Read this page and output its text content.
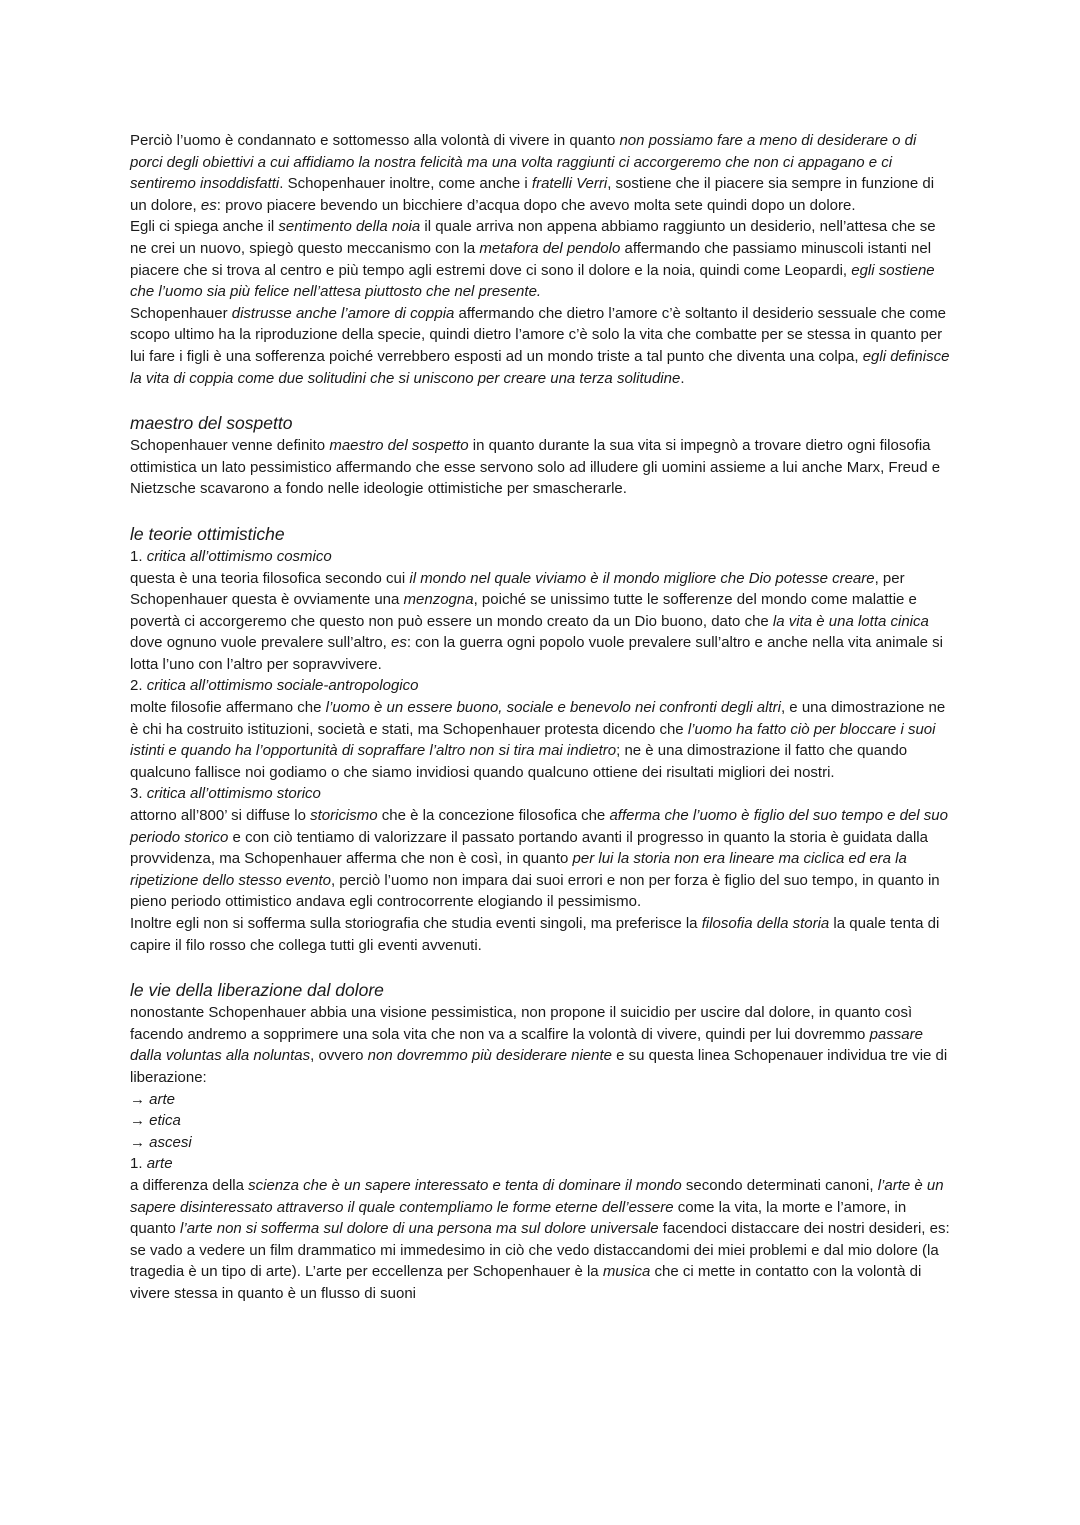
Perciò l’uomo è condannato e sottomesso alla volontà di vivere in quanto non possiamo fare a meno di desiderare o di porci degli obiettivi a cui affidiamo la nostra felicità ma una volta raggiunti ci accorgeremo che non ci appagano e ci sentiremo insoddisfatti. Schopenhauer inoltre, come anche i fratelli Verri, sostiene che il piacere sia sempre in funzione di un dolore, es: provo piacere bevendo un bicchiere d’acqua dopo che avevo molta sete quindi dopo un dolore.

Egli ci spiega anche il sentimento della noia il quale arriva non appena abbiamo raggiunto un desiderio, nell’attesa che se ne crei un nuovo, spiegò questo meccanismo con la metafora del pendolo affermando che passiamo minuscoli istanti nel piacere che si trova al centro e più tempo agli estremi dove ci sono il dolore e la noia, quindi come Leopardi, egli sostiene che l’uomo sia più felice nell’attesa piuttosto che nel presente.

Schopenhauer distrusse anche l’amore di coppia affermando che dietro l’amore c’è soltanto il desiderio sessuale che come scopo ultimo ha la riproduzione della specie, quindi dietro l’amore c’è solo la vita che combatte per se stessa in quanto per lui fare i figli è una sofferenza poiché verrebbero esposti ad un mondo triste a tal punto che diventa una colpa, egli definisce la vita di coppia come due solitudini che si uniscono per creare una terza solitudine.

maestro del sospetto

Schopenhauer venne definito maestro del sospetto in quanto durante la sua vita si impegnò a trovare dietro ogni filosofia ottimistica un lato pessimistico affermando che esse servono solo ad illudere gli uomini assieme a lui anche Marx, Freud e Nietzsche scavarono a fondo nelle ideologie ottimistiche per smascherarle.

le teorie ottimistiche

1. critica all’ottimismo cosmico

questa è una teoria filosofica secondo cui il mondo nel quale viviamo è il mondo migliore che Dio potesse creare, per Schopenhauer questa è ovviamente una menzogna, poiché se unissimo tutte le sofferenze del mondo come malattie e povertà ci accorgeremo che questo non può essere un mondo creato da un Dio buono, dato che la vita è una lotta cinica dove ognuno vuole prevalere sull’altro, es: con la guerra ogni popolo vuole prevalere sull’altro e anche nella vita animale si lotta l’uno con l’altro per sopravvivere.

2. critica all’ottimismo sociale-antropologico

molte filosofie affermano che l’uomo è un essere buono, sociale e benevolo nei confronti degli altri, e una dimostrazione ne è chi ha costruito istituzioni, società e stati, ma Schopenhauer protesta dicendo che l’uomo ha fatto ciò per bloccare i suoi istinti e quando ha l’opportunità di sopraffare l’altro non si tira mai indietro; ne è una dimostrazione il fatto che quando qualcuno fallisce noi godiamo o che siamo invidiosi quando qualcuno ottiene dei risultati migliori dei nostri.

3. critica all’ottimismo storico

attorno all’800’ si diffuse lo storicismo che è la concezione filosofica che afferma che l’uomo è figlio del suo tempo e del suo periodo storico e con ciò tentiamo di valorizzare il passato portando avanti il progresso in quanto la storia è guidata dalla provvidenza, ma Schopenhauer afferma che non è così, in quanto per lui la storia non era lineare ma ciclica ed era la ripetizione dello stesso evento, perciò l’uomo non impara dai suoi errori e non per forza è figlio del suo tempo, in quanto in pieno periodo ottimistico andava egli controcorrente elogiando il pessimismo.

Inoltre egli non si sofferma sulla storiografia che studia eventi singoli, ma preferisce la filosofia della storia la quale tenta di capire il filo rosso che collega tutti gli eventi avvenuti.

le vie della liberazione dal dolore

nonostante Schopenhauer abbia una visione pessimistica, non propone il suicidio per uscire dal dolore, in quanto così facendo andremo a sopprimere una sola vita che non va a scalfire la volontà di vivere, quindi per lui dovremmo passare dalla voluntas alla noluntas, ovvero non dovremmo più desiderare niente e su questa linea Schopenauer individua tre vie di liberazione:

→ arte

→ etica

→ ascesi

1. arte

a differenza della scienza che è un sapere interessato e tenta di dominare il mondo secondo determinati canoni, l’arte è un sapere disinteressato attraverso il quale contempliamo le forme eterne dell’essere come la vita, la morte e l’amore, in quanto l’arte non si sofferma sul dolore di una persona ma sul dolore universale facendoci distaccare dei nostri desideri, es: se vado a vedere un film drammatico mi immedesimo in ciò che vedo distaccandomi dei miei problemi e dal mio dolore (la tragedia è un tipo di arte). L’arte per eccellenza per Schopenhauer è la musica che ci mette in contatto con la volontà di vivere stessa in quanto è un flusso di suoni
